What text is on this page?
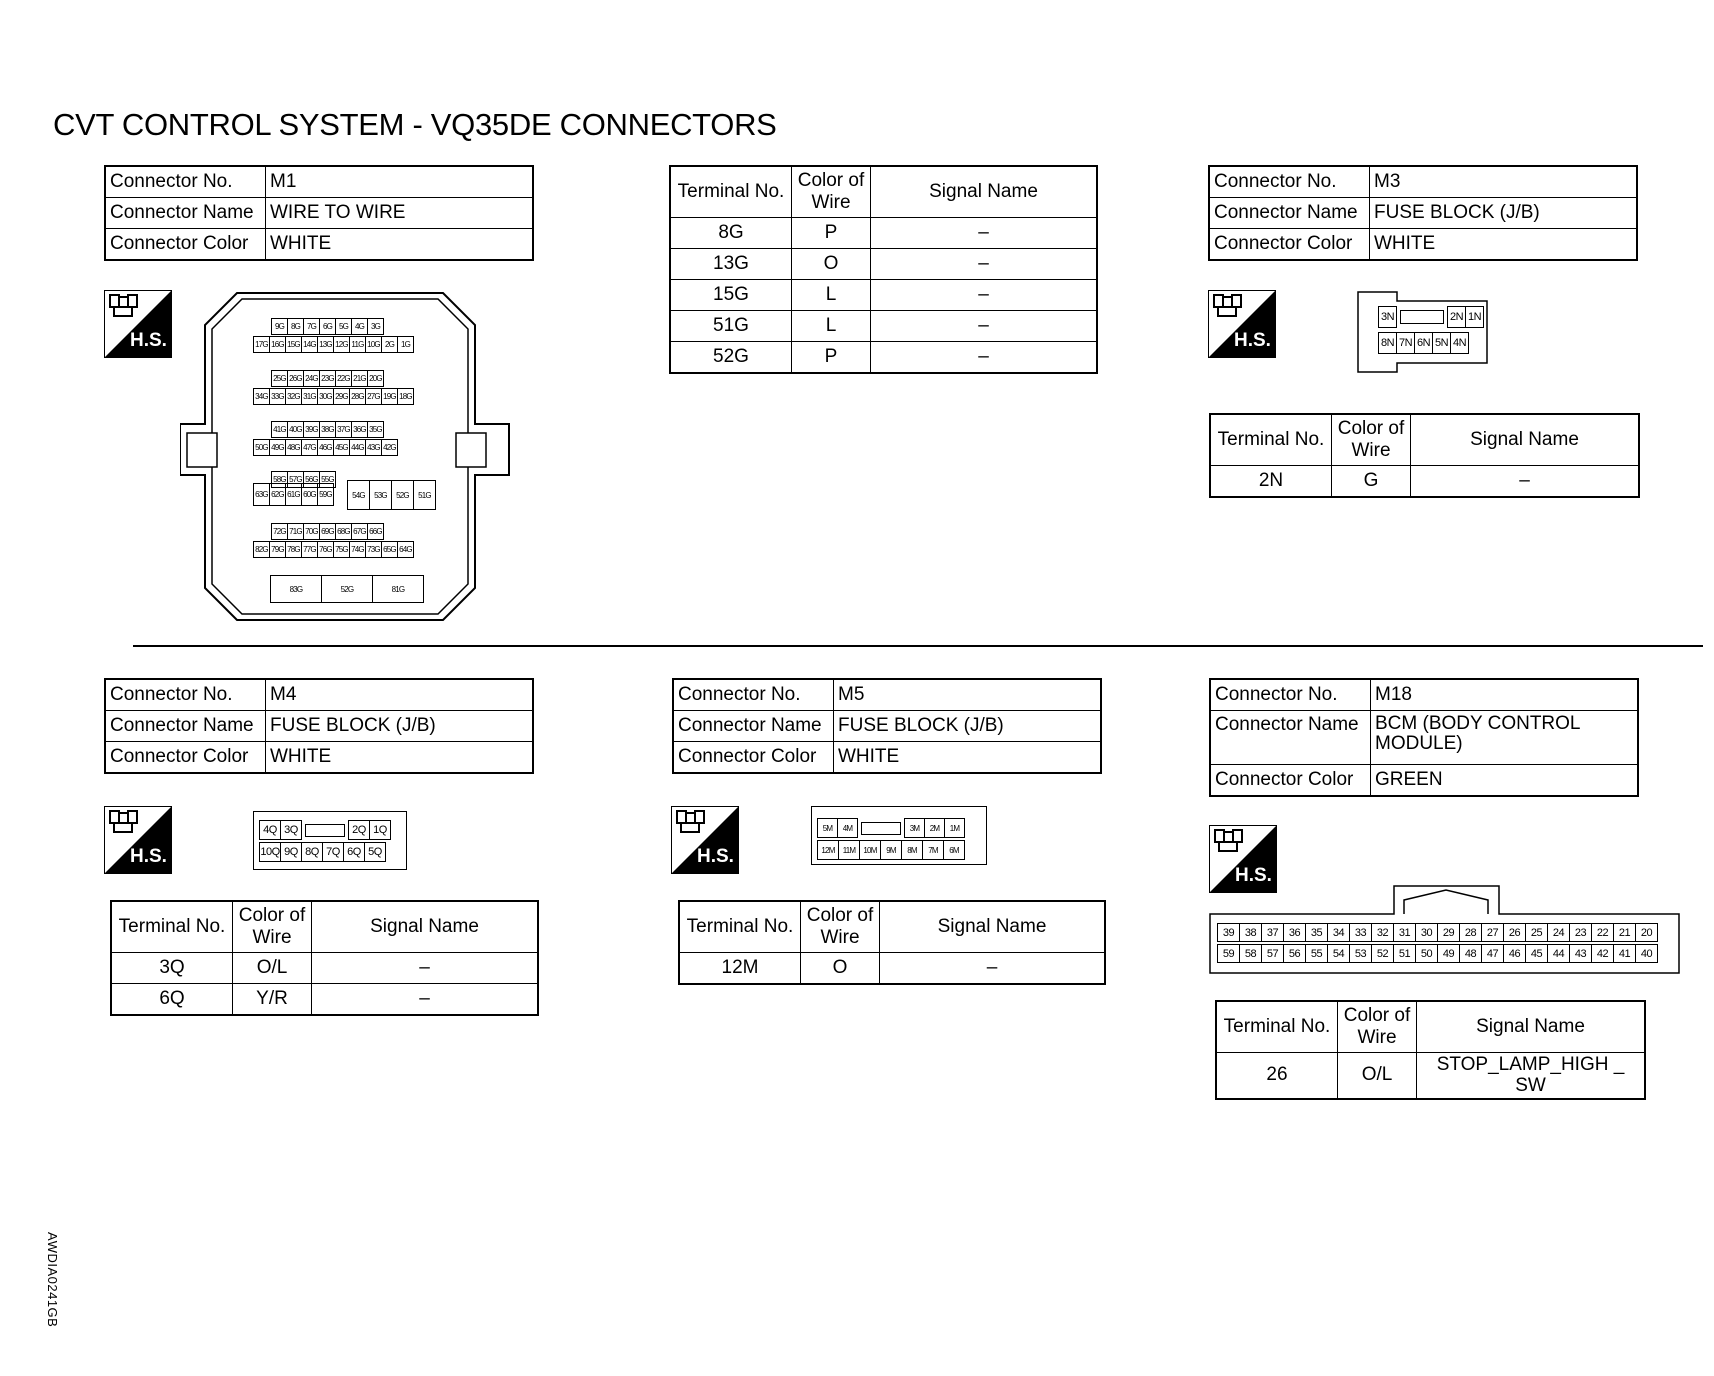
CVT CONTROL SYSTEM - VQ35DE CONNECTORS
Connector No.	M1
Connector Name	WIRE TO WIRE
Connector Color	WHITE
Terminal No.	Color of Wire	Signal Name
8G	P	–
13G	O	–
15G	L	–
51G	L	–
52G	P	–
H.S.
9G 8G 7G 6G 5G 4G 3G
17G 16G 15G 14G 13G 12G 11G 10G 2G 1G
25G 26G 24G 23G 22G 21G 20G
34G 33G 32G 31G 30G 29G 28G 27G 19G 18G
41G 40G 39G 38G 37G 36G 35G
50G 49G 48G 47G 46G 45G 44G 43G 42G
58G 57G 56G 55G
63G 62G 61G 60G 59G	54G	53G	52G	51G
72G 71G 70G 69G 68G 67G 66G
82G 79G 78G 77G 76G 75G 74G 73G 65G 64G
83G	52G	81G
Connector No.	M3
Connector Name	FUSE BLOCK (J/B)
Connector Color	WHITE
H.S.
3N	2N 1N
8N 7N 6N 5N 4N
Terminal No.	Color of Wire	Signal Name
2N	G	–
Connector No.	M4
Connector Name	FUSE BLOCK (J/B)
Connector Color	WHITE
H.S.
4Q 3Q	2Q 1Q
10Q 9Q 8Q 7Q 6Q 5Q
Terminal No.	Color of Wire	Signal Name
3Q	O/L	–
6Q	Y/R	–
Connector No.	M5
Connector Name	FUSE BLOCK (J/B)
Connector Color	WHITE
H.S.
5M	4M	3M	2M	1M
12M	11M	10M	9M	8M	7M	6M
Terminal No.	Color of Wire	Signal Name
12M	O	–
Connector No.	M18
Connector Name	BCM (BODY CONTROL MODULE)
Connector Color	GREEN
H.S.
39 38 37 36 35 34 33 32 31 30 29 28 27 26 25 24 23 22 21 20
59 58 57 56 55 54 53 52 51 50 49 48 47 46 45 44 43 42 41 40
Terminal No.	Color of Wire	Signal Name
26	O/L	STOP_LAMP_HIGH _ SW
AWDIA0241GB
